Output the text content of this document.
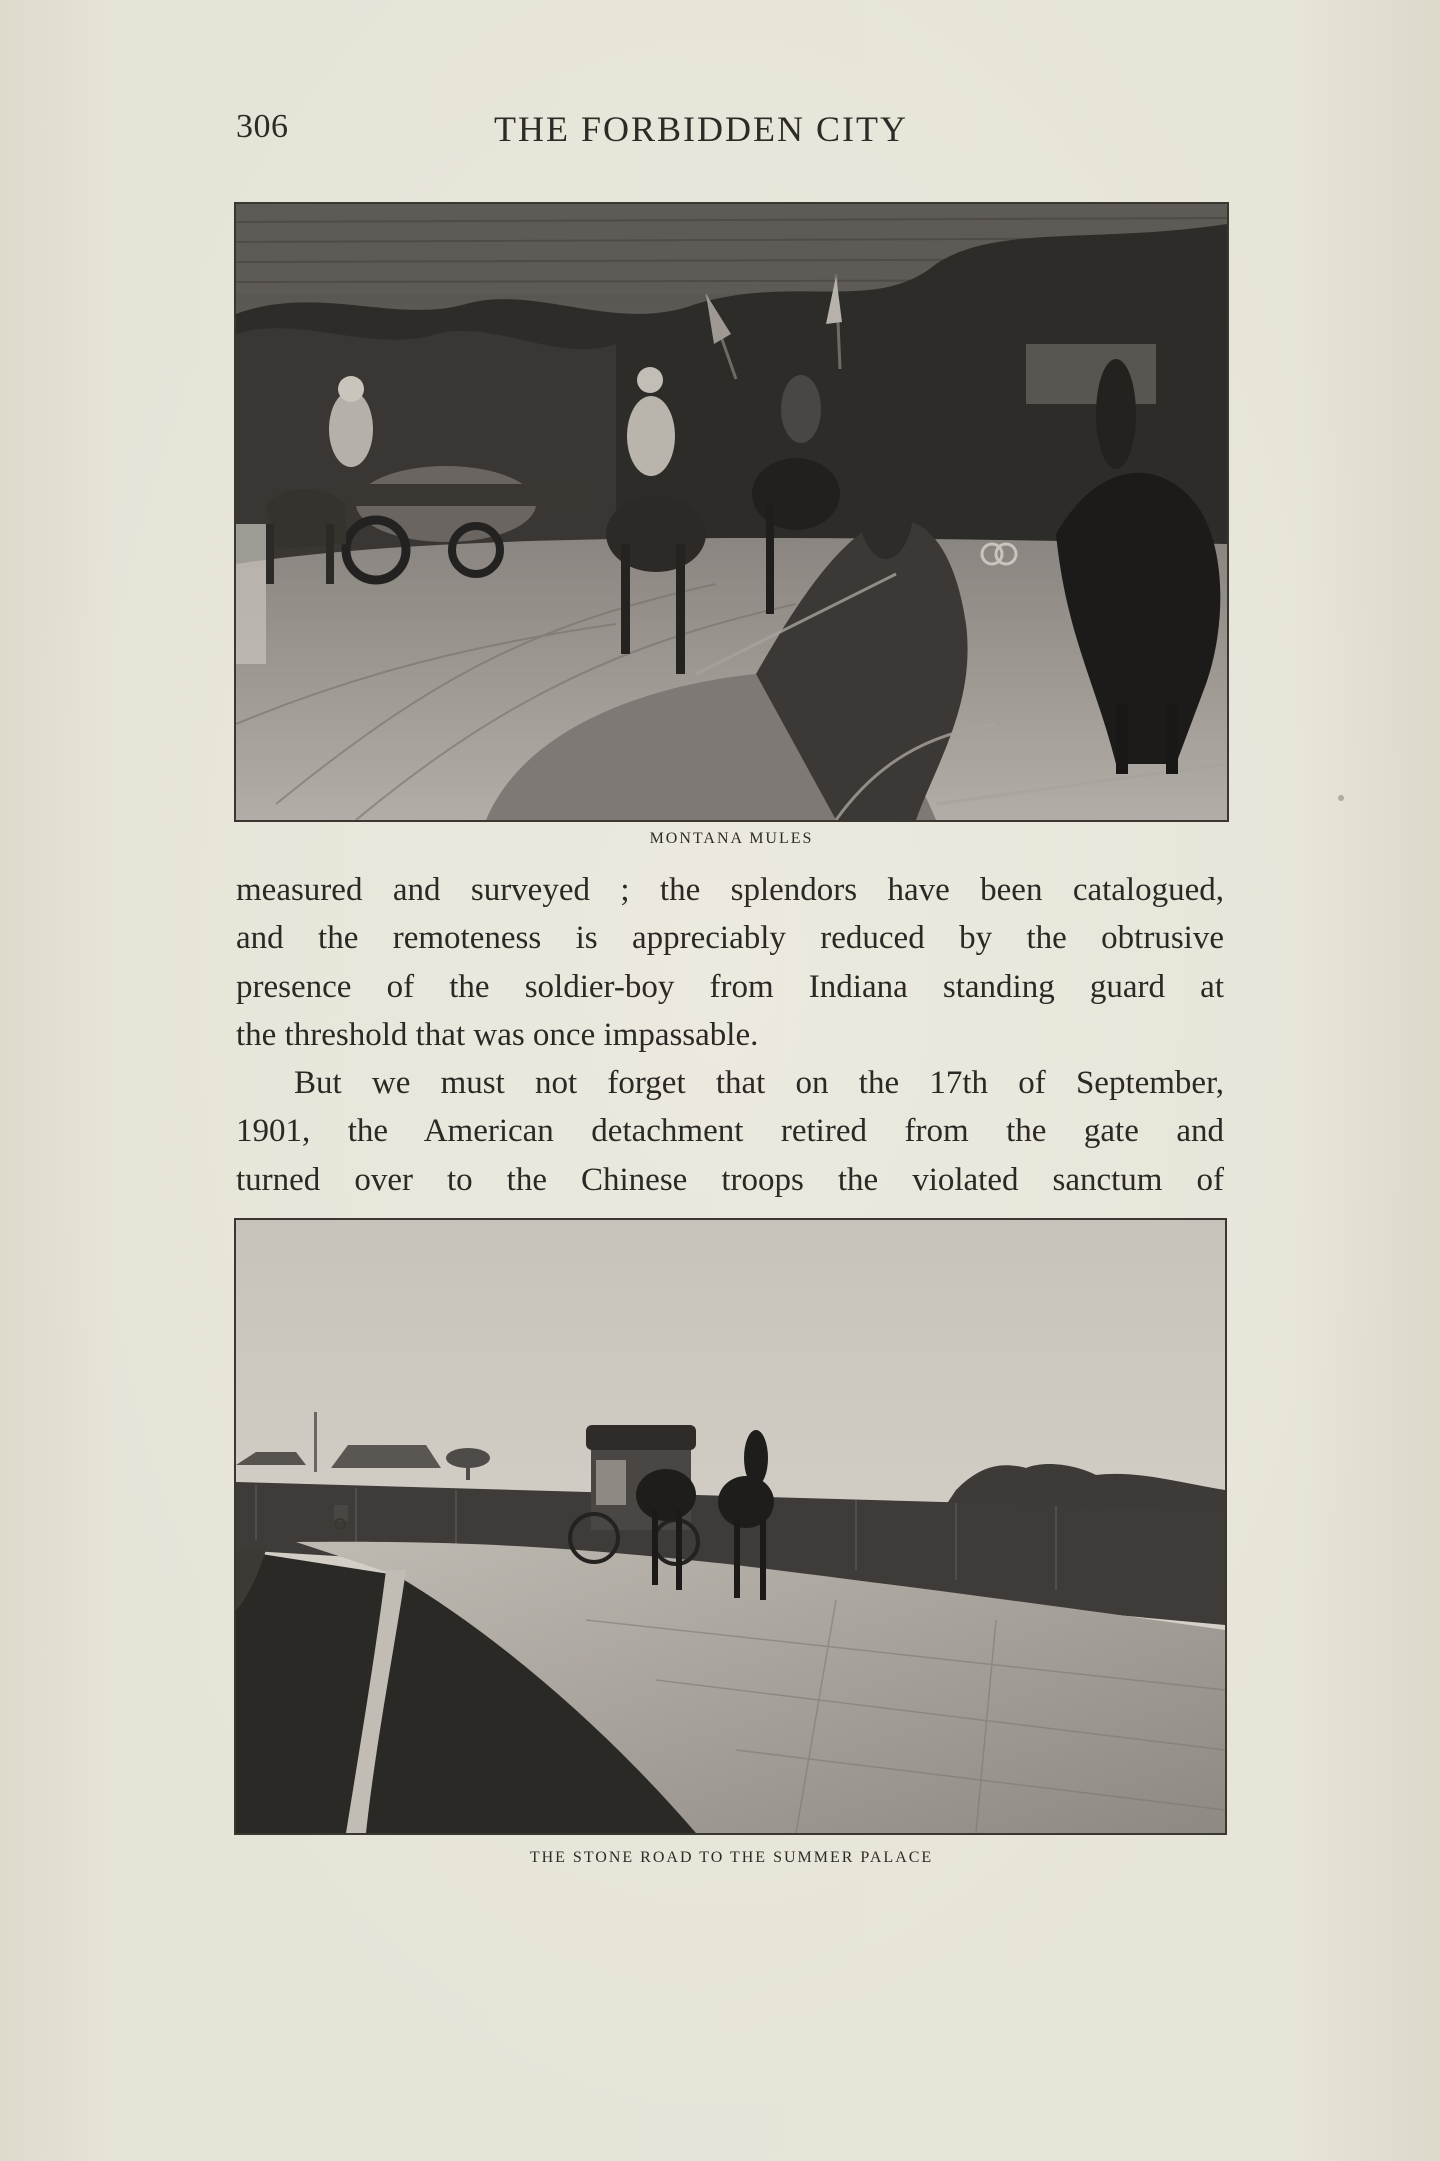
306	THE FORBIDDEN CITY
MONTANA MULES

measured and surveyed ; the splendors have been catalogued,
and the remoteness is appreciably reduced by the obtrusive
presence of the soldier-boy from Indiana standing guard at
the threshold that was once impassable.

But we must not forget that on the 17th of September,
1901, the American detachment retired from the gate and
turned over to the Chinese troops the violated sanctum of

THE STONE ROAD TO THE SUMMER PALACE
